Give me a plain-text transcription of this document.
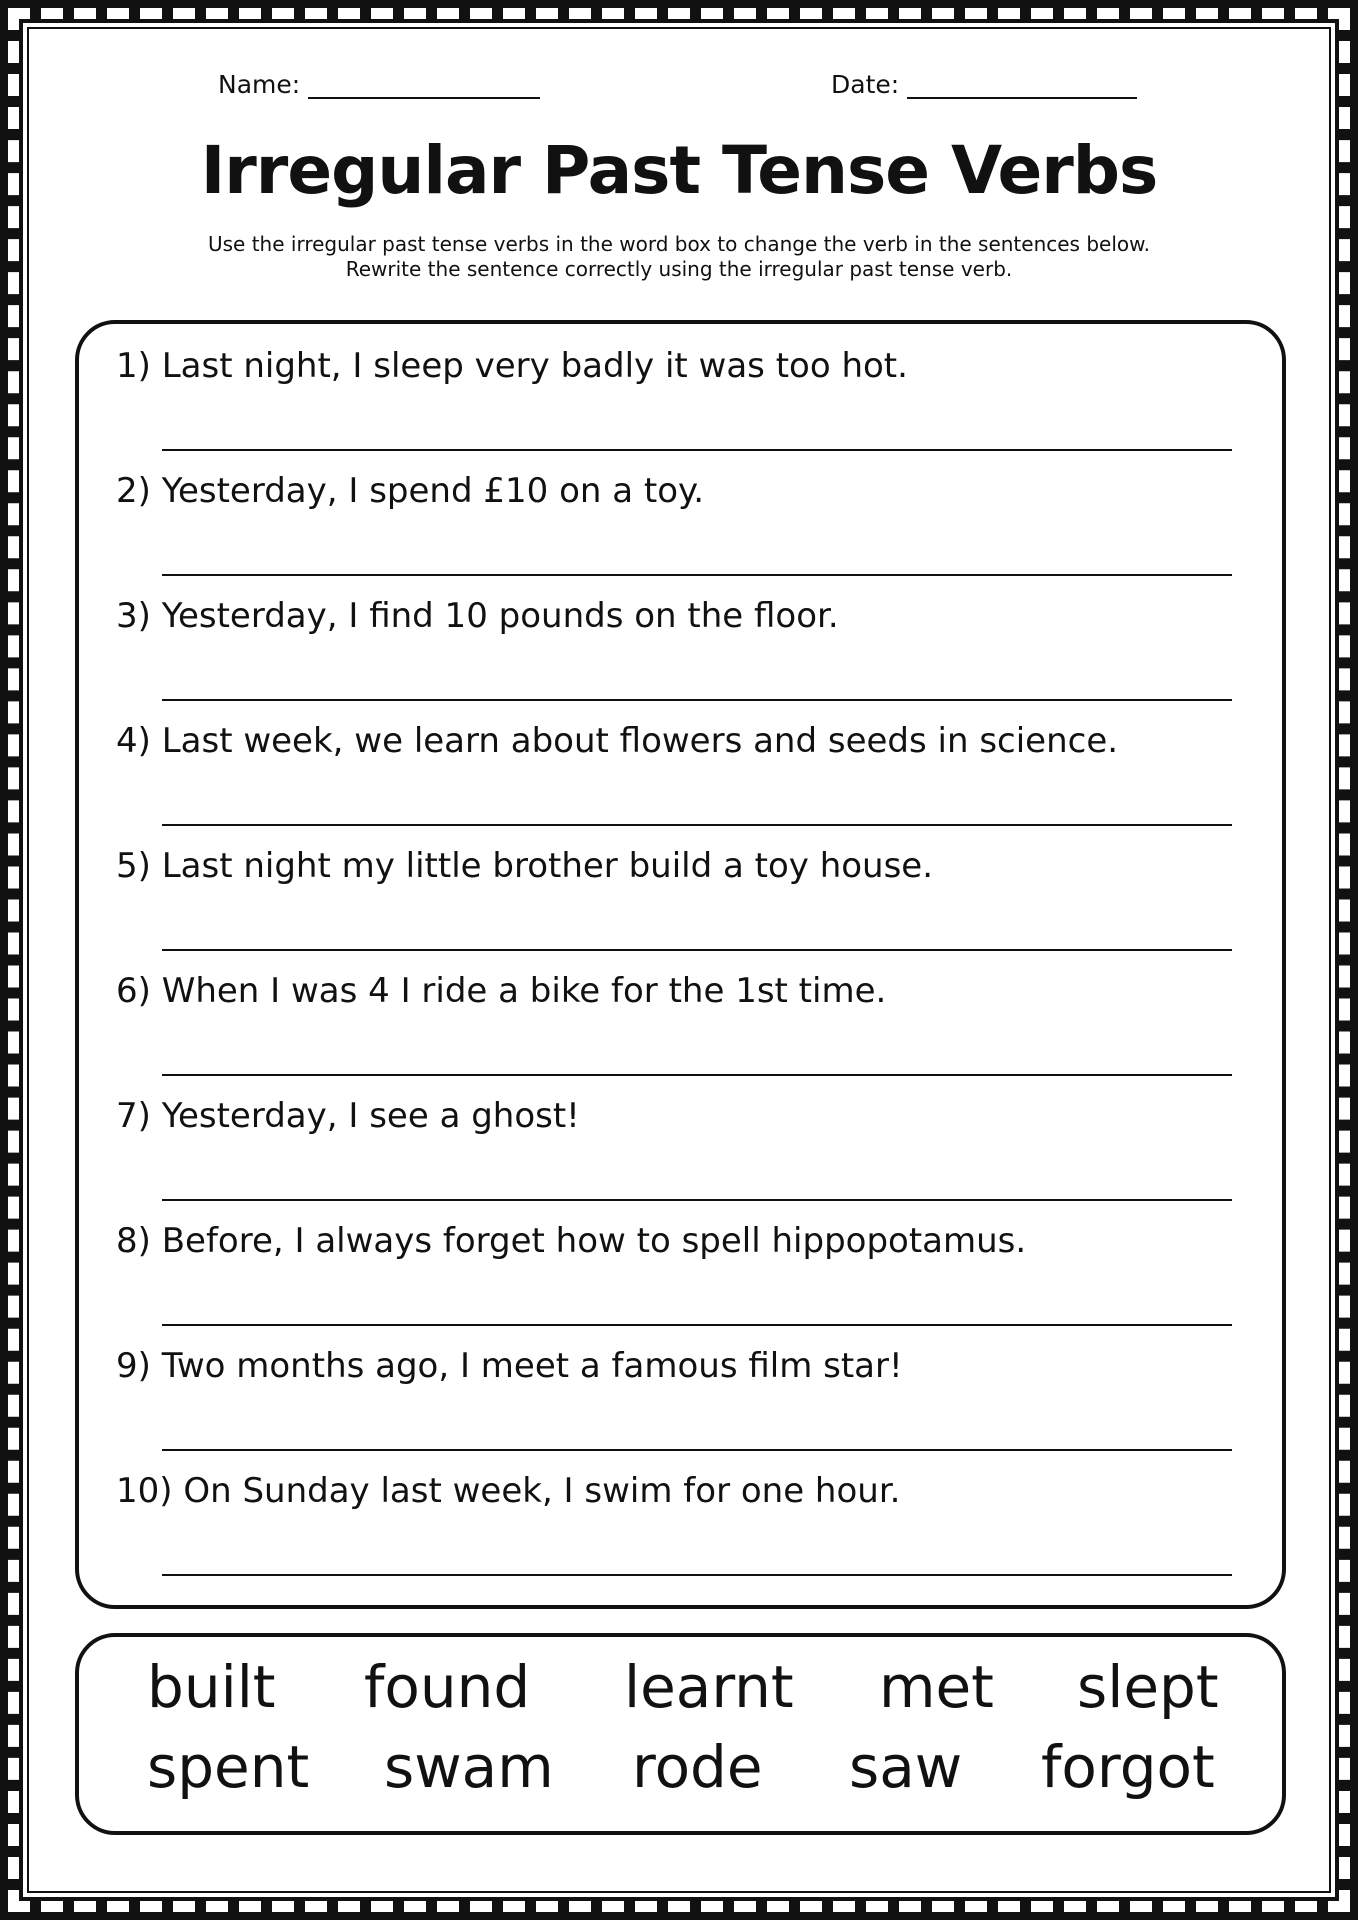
Name:	Date:
Irregular Past Tense Verbs
Use the irregular past tense verbs in the word box to change the verb in the sentences below.
Rewrite the sentence correctly using the irregular past tense verb.
1) Last night, I sleep very badly it was too hot.
2) Yesterday, I spend £10 on a toy.
3) Yesterday, I find 10 pounds on the floor.
4) Last week, we learn about flowers and seeds in science.
5) Last night my little brother build a toy house.
6) When I was 4 I ride a bike for the 1st time.
7) Yesterday, I see a ghost!
8) Before, I always forget how to spell hippopotamus.
9) Two months ago, I meet a famous film star!
10) On Sunday last week, I swim for one hour.
built found learnt met slept
spent swam rode saw forgot
